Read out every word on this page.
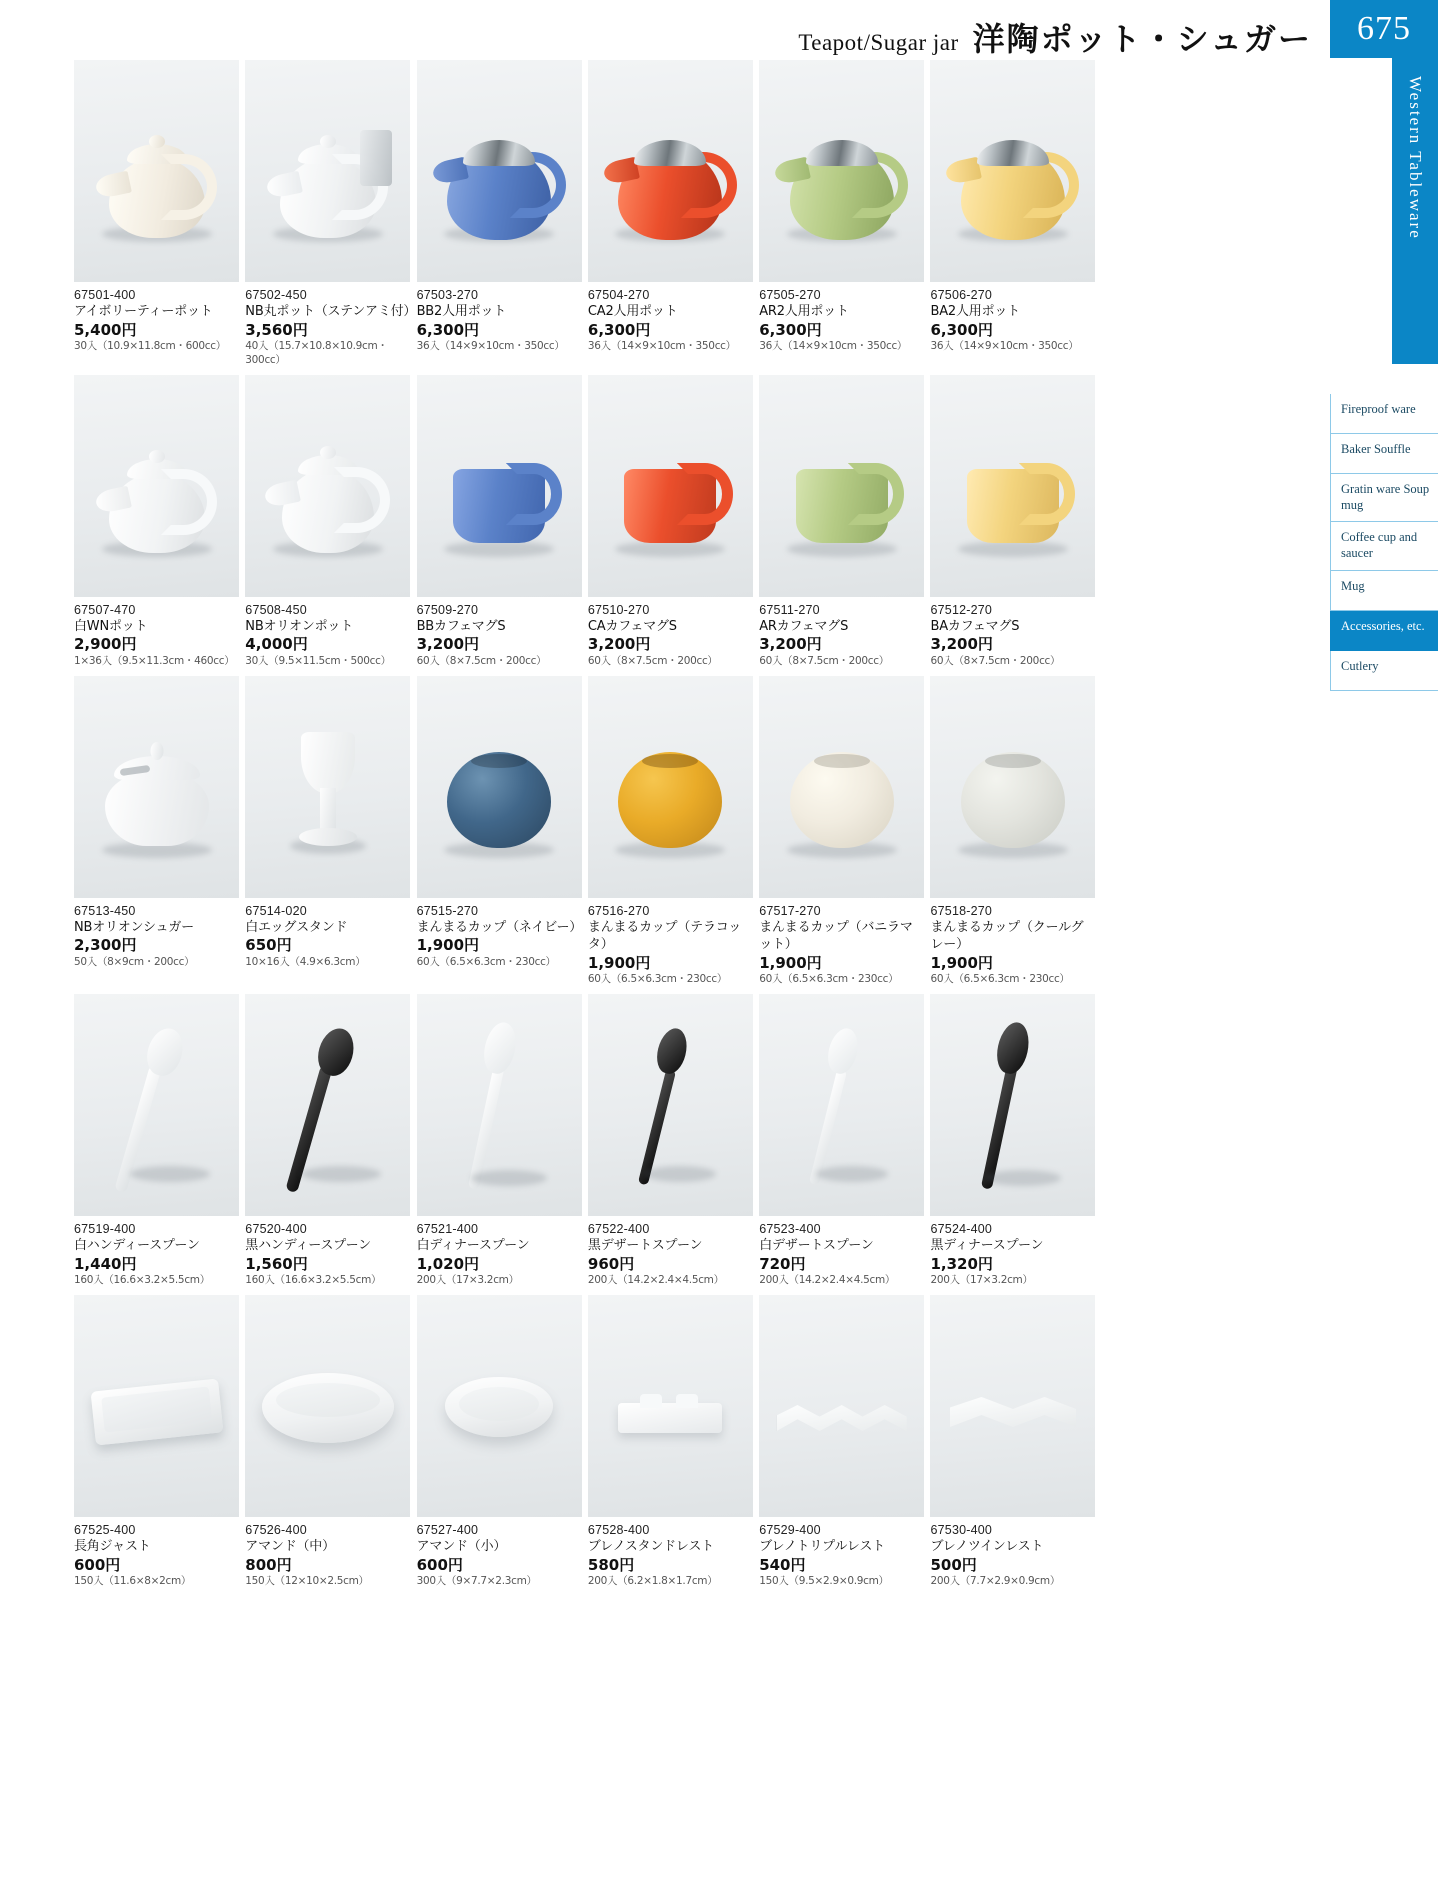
Teapot/Sugar jar 洋陶ポット・シュガー	675
Western Tableware
Fireproof ware
Baker Souffle
Gratin ware Soup mug
Coffee cup and saucer
Mug
Accessories, etc.
Cutlery
67501-400
アイボリーティーポット
5,400円
30入（10.9×11.8cm・600cc）
67502-450
NB丸ポット（ステンアミ付）
3,560円
40入（15.7×10.8×10.9cm・300cc）
67503-270
BB2人用ポット
6,300円
36入（14×9×10cm・350cc）
67504-270
CA2人用ポット
6,300円
36入（14×9×10cm・350cc）
67505-270
AR2人用ポット
6,300円
36入（14×9×10cm・350cc）
67506-270
BA2人用ポット
6,300円
36入（14×9×10cm・350cc）
67507-470
白WNポット
2,900円
1×36入（9.5×11.3cm・460cc）
67508-450
NBオリオンポット
4,000円
30入（9.5×11.5cm・500cc）
67509-270
BBカフェマグS
3,200円
60入（8×7.5cm・200cc）
67510-270
CAカフェマグS
3,200円
60入（8×7.5cm・200cc）
67511-270
ARカフェマグS
3,200円
60入（8×7.5cm・200cc）
67512-270
BAカフェマグS
3,200円
60入（8×7.5cm・200cc）
67513-450
NBオリオンシュガー
2,300円
50入（8×9cm・200cc）
67514-020
白エッグスタンド
650円
10×16入（4.9×6.3cm）
67515-270
まんまるカップ（ネイビー）
1,900円
60入（6.5×6.3cm・230cc）
67516-270
まんまるカップ（テラコッタ）
1,900円
60入（6.5×6.3cm・230cc）
67517-270
まんまるカップ（バニラマット）
1,900円
60入（6.5×6.3cm・230cc）
67518-270
まんまるカップ（クールグレー）
1,900円
60入（6.5×6.3cm・230cc）
67519-400
白ハンディースプーン
1,440円
160入（16.6×3.2×5.5cm）
67520-400
黒ハンディースプーン
1,560円
160入（16.6×3.2×5.5cm）
67521-400
白ディナースプーン
1,020円
200入（17×3.2cm）
67522-400
黒デザートスプーン
960円
200入（14.2×2.4×4.5cm）
67523-400
白デザートスプーン
720円
200入（14.2×2.4×4.5cm）
67524-400
黒ディナースプーン
1,320円
200入（17×3.2cm）
67525-400
長角ジャスト
600円
150入（11.6×8×2cm）
67526-400
アマンド（中）
800円
150入（12×10×2.5cm）
67527-400
アマンド（小）
600円
300入（9×7.7×2.3cm）
67528-400
ブレノスタンドレスト
580円
200入（6.2×1.8×1.7cm）
67529-400
ブレノトリプルレスト
540円
150入（9.5×2.9×0.9cm）
67530-400
ブレノツインレスト
500円
200入（7.7×2.9×0.9cm）
